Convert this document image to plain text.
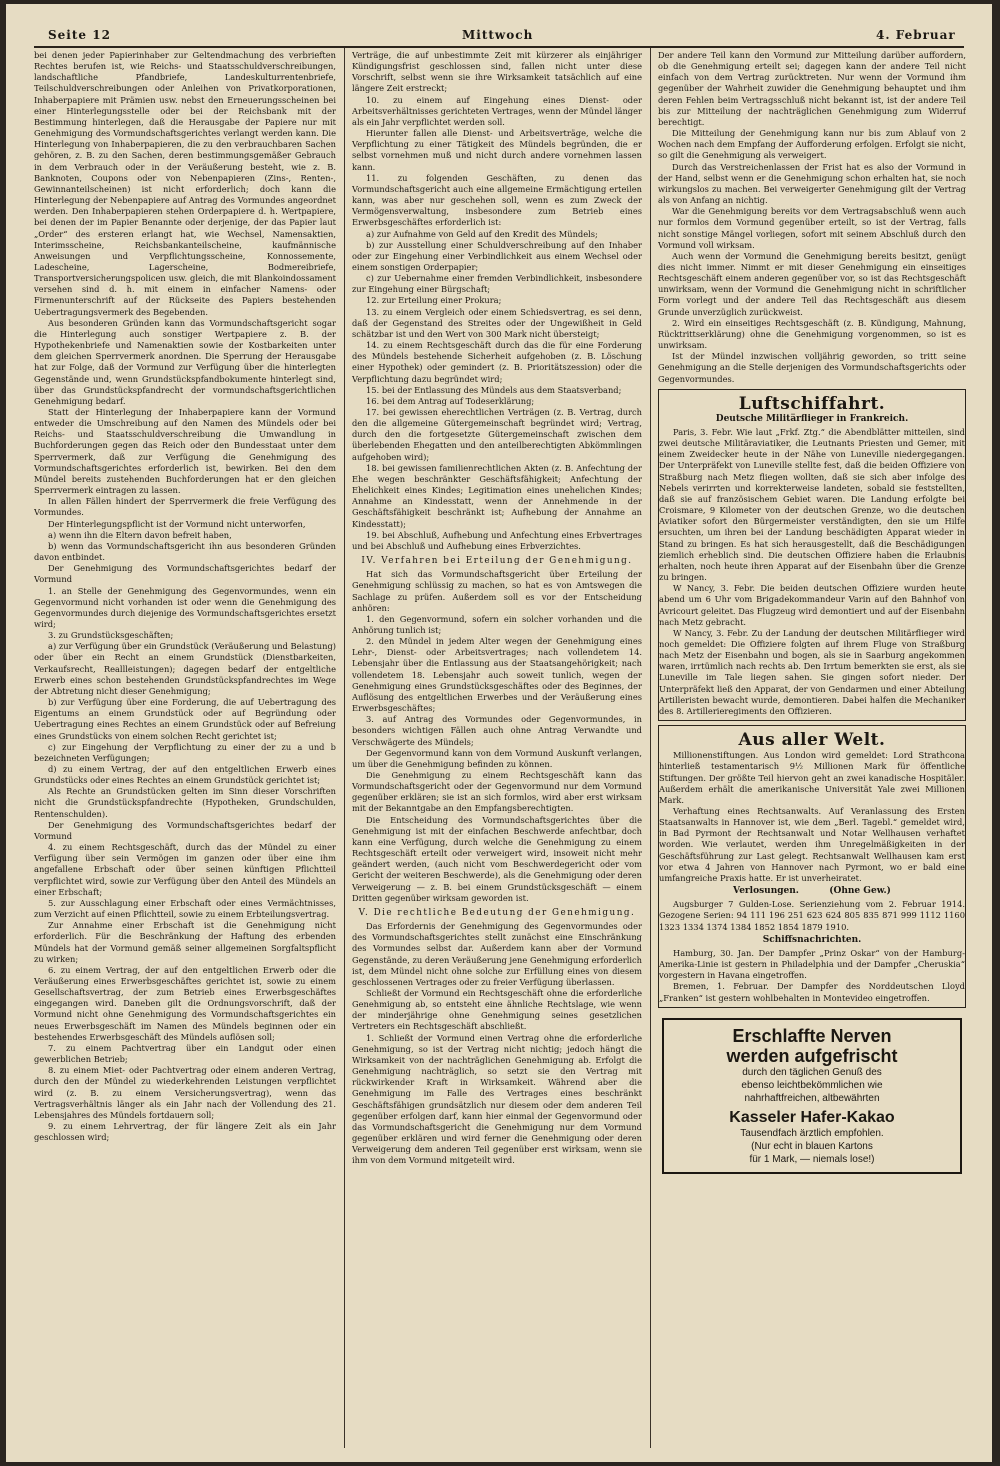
Seite 12	Mittwoch	4. Februar

bei denen jeder Papierinhaber zur Geltendmachung des verbrieften Rechtes berufen ist, wie Reichs- und Staatsschuldverschreibungen, landschaftliche Pfandbriefe, Landeskulturrentenbriefe, Teilschuldverschreibungen oder Anleihen von Privatkorporationen, Inhaberpapiere mit Prämien usw. nebst den Erneuerungsscheinen bei einer Hinterlegungsstelle oder bei der Reichsbank mit der Bestimmung hinterlegen, daß die Herausgabe der Papiere nur mit Genehmigung des Vormundschaftsgerichtes verlangt werden kann. Die Hinterlegung von Inhaberpapieren, die zu den verbrauchbaren Sachen gehören, z. B. zu den Sachen, deren bestimmungsgemäßer Gebrauch in dem Verbrauch oder in der Veräußerung besteht, wie z. B. Banknoten, Coupons oder von Nebenpapieren (Zins-, Renten-, Gewinnanteilscheinen) ist nicht erforderlich; doch kann die Hinterlegung der Nebenpapiere auf Antrag des Vormundes angeordnet werden. Den Inhaberpapieren stehen Orderpapiere d. h. Wertpapiere, bei denen der im Papier Benannte oder derjenige, der das Papier laut „Order“ des ersteren erlangt hat, wie Wechsel, Namensaktien, Interimsscheine, Reichsbankanteilscheine, kaufmännische Anweisungen und Verpflichtungsscheine, Konnossemente, Ladescheine, Lagerscheine, Bodmereibriefe, Transportversicherungspolicen usw. gleich, die mit Blankoindossament versehen sind d. h. mit einem in einfacher Namens- oder Firmenunterschrift auf der Rückseite des Papiers bestehenden Uebertragungsvermerk des Begebenden.

Aus besonderen Gründen kann das Vormundschaftsgericht sogar die Hinterlegung auch sonstiger Wertpapiere z. B. der Hypothekenbriefe und Namenaktien sowie der Kostbarkeiten unter dem gleichen Sperrvermerk anordnen. Die Sperrung der Herausgabe hat zur Folge, daß der Vormund zur Verfügung über die hinterlegten Gegenstände und, wenn Grundstückspfandbokumente hinterlegt sind, über das Grundstückspfandrecht der vormundschaftsgerichtlichen Genehmigung bedarf.

Statt der Hinterlegung der Inhaberpapiere kann der Vormund entweder die Umschreibung auf den Namen des Mündels oder bei Reichs- und Staatsschuldverschreibung die Umwandlung in Buchforderungen gegen das Reich oder den Bundesstaat unter dem Sperrvermerk, daß zur Verfügung die Genehmigung des Vormundschaftsgerichtes erforderlich ist, bewirken. Bei den dem Mündel bereits zustehenden Buchforderungen hat er den gleichen Sperrvermerk eintragen zu lassen.

In allen Fällen hindert der Sperrvermerk die freie Verfügung des Vormundes.

Der Hinterlegungspflicht ist der Vormund nicht unterworfen,

a) wenn ihn die Eltern davon befreit haben,

b) wenn das Vormundschaftsgericht ihn aus besonderen Gründen davon entbindet.

Der Genehmigung des Vormundschaftsgerichtes bedarf der Vormund

1. an Stelle der Genehmigung des Gegenvormundes, wenn ein Gegenvormund nicht vorhanden ist oder wenn die Genehmigung des Gegenvormundes durch diejenige des Vormundschaftsgerichtes ersetzt wird;

3. zu Grundstücksgeschäften;

a) zur Verfügung über ein Grundstück (Veräußerung und Belastung) oder über ein Recht an einem Grundstück (Dienstbarkeiten, Verkaufsrecht, Reallleistungen); dagegen bedarf der entgeltliche Erwerb eines schon bestehenden Grundstückspfandrechtes im Wege der Abtretung nicht dieser Genehmigung;

b) zur Verfügung über eine Forderung, die auf Uebertragung des Eigentums an einem Grundstück oder auf Begründung oder Uebertragung eines Rechtes an einem Grundstück oder auf Befreiung eines Grundstücks von einem solchen Recht gerichtet ist;

c) zur Eingehung der Verpflichtung zu einer der zu a und b bezeichneten Verfügungen;

d) zu einem Vertrag, der auf den entgeltlichen Erwerb eines Grundstücks oder eines Rechtes an einem Grundstück gerichtet ist;

Als Rechte an Grundstücken gelten im Sinn dieser Vorschriften nicht die Grundstückspfandrechte (Hypotheken, Grundschulden, Rentenschulden).

Der Genehmigung des Vormundschaftsgerichtes bedarf der Vormund

4. zu einem Rechtsgeschäft, durch das der Mündel zu einer Verfügung über sein Vermögen im ganzen oder über eine ihm angefallene Erbschaft oder über seinen künftigen Pflichtteil verpflichtet wird, sowie zur Verfügung über den Anteil des Mündels an einer Erbschaft;

5. zur Ausschlagung einer Erbschaft oder eines Vermächtnisses, zum Verzicht auf einen Pflichtteil, sowie zu einem Erbteilungsvertrag.

Zur Annahme einer Erbschaft ist die Genehmigung nicht erforderlich. Für die Beschränkung der Haftung des erbenden Mündels hat der Vormund gemäß seiner allgemeinen Sorgfaltspflicht zu wirken;

6. zu einem Vertrag, der auf den entgeltlichen Erwerb oder die Veräußerung eines Erwerbsgeschäftes gerichtet ist, sowie zu einem Gesellschaftsvertrag, der zum Betrieb eines Erwerbsgeschäftes eingegangen wird. Daneben gilt die Ordnungsvorschrift, daß der Vormund nicht ohne Genehmigung des Vormundschaftsgerichtes ein neues Erwerbsgeschäft im Namen des Mündels beginnen oder ein bestehendes Erwerbsgeschäft des Mündels auflösen soll;

7. zu einem Pachtvertrag über ein Landgut oder einen gewerblichen Betrieb;

8. zu einem Miet- oder Pachtvertrag oder einem anderen Vertrag, durch den der Mündel zu wiederkehrenden Leistungen verpflichtet wird (z. B. zu einem Versicherungsvertrag), wenn das Vertragsverhältnis länger als ein Jahr nach der Vollendung des 21. Lebensjahres des Mündels fortdauern soll;

9. zu einem Lehrvertrag, der für längere Zeit als ein Jahr geschlossen wird;

Verträge, die auf unbestimmte Zeit mit kürzerer als einjähriger Kündigungsfrist geschlossen sind, fallen nicht unter diese Vorschrift, selbst wenn sie ihre Wirksamkeit tatsächlich auf eine längere Zeit erstreckt;

10. zu einem auf Eingehung eines Dienst- oder Arbeitsverhältnisses gerichteten Vertrages, wenn der Mündel länger als ein Jahr verpflichtet werden soll.

Hierunter fallen alle Dienst- und Arbeitsverträge, welche die Verpflichtung zu einer Tätigkeit des Mündels begründen, die er selbst vornehmen muß und nicht durch andere vornehmen lassen kann.

11. zu folgenden Geschäften, zu denen das Vormundschaftsgericht auch eine allgemeine Ermächtigung erteilen kann, was aber nur geschehen soll, wenn es zum Zweck der Vermögensverwaltung, insbesondere zum Betrieb eines Erwerbsgeschäftes erforderlich ist:

a) zur Aufnahme von Geld auf den Kredit des Mündels;

b) zur Ausstellung einer Schuldverschreibung auf den Inhaber oder zur Eingehung einer Verbindlichkeit aus einem Wechsel oder einem sonstigen Orderpapier;

c) zur Uebernahme einer fremden Verbindlichkeit, insbesondere zur Eingehung einer Bürgschaft;

12. zur Erteilung einer Prokura;

13. zu einem Vergleich oder einem Schiedsvertrag, es sei denn, daß der Gegenstand des Streites oder der Ungewißheit in Geld schätzbar ist und den Wert von 300 Mark nicht übersteigt;

14. zu einem Rechtsgeschäft durch das die für eine Forderung des Mündels bestehende Sicherheit aufgehoben (z. B. Löschung einer Hypothek) oder gemindert (z. B. Prioritätszession) oder die Verpflichtung dazu begründet wird;

15. bei der Entlassung des Mündels aus dem Staatsverband;

16. bei dem Antrag auf Todeserklärung;

17. bei gewissen eherechtlichen Verträgen (z. B. Vertrag, durch den die allgemeine Gütergemeinschaft begründet wird; Vertrag, durch den die fortgesetzte Gütergemeinschaft zwischen dem überlebenden Ehegatten und den anteilberechtigten Abkömmlingen aufgehoben wird);

18. bei gewissen familienrechtlichen Akten (z. B. Anfechtung der Ehe wegen beschränkter Geschäftsfähigkeit; Anfechtung der Ehelichkeit eines Kindes; Legitimation eines unehelichen Kindes; Annahme an Kindesstatt, wenn der Annehmende in der Geschäftsfähigkeit beschränkt ist; Aufhebung der Annahme an Kindesstatt);

19. bei Abschluß, Aufhebung und Anfechtung eines Erbvertrages und bei Abschluß und Aufhebung eines Erbverzichtes.

IV. Verfahren bei Erteilung der Genehmigung.

Hat sich das Vormundschaftsgericht über Erteilung der Genehmigung schlüssig zu machen, so hat es von Amtswegen die Sachlage zu prüfen. Außerdem soll es vor der Entscheidung anhören:

1. den Gegenvormund, sofern ein solcher vorhanden und die Anhörung tunlich ist;

2. den Mündel in jedem Alter wegen der Genehmigung eines Lehr-, Dienst- oder Arbeitsvertrages; nach vollendetem 14. Lebensjahr über die Entlassung aus der Staatsangehörigkeit; nach vollendetem 18. Lebensjahr auch soweit tunlich, wegen der Genehmigung eines Grundstücksgeschäftes oder des Beginnes, der Auflösung des entgeltlichen Erwerbes und der Veräußerung eines Erwerbsgeschäftes;

3. auf Antrag des Vormundes oder Gegenvormundes, in besonders wichtigen Fällen auch ohne Antrag Verwandte und Verschwägerte des Mündels;

Der Gegenvormund kann von dem Vormund Auskunft verlangen, um über die Genehmigung befinden zu können.

Die Genehmigung zu einem Rechtsgeschäft kann das Vormundschaftsgericht oder der Gegenvormund nur dem Vormund gegenüber erklären; sie ist an sich formlos, wird aber erst wirksam mit der Bekanntgabe an den Empfangsberechtigten.

Die Entscheidung des Vormundschaftsgerichtes über die Genehmigung ist mit der einfachen Beschwerde anfechtbar, doch kann eine Verfügung, durch welche die Genehmigung zu einem Rechtsgeschäft erteilt oder verweigert wird, insoweit nicht mehr geändert werden, (auch nicht vom Beschwerdegericht oder vom Gericht der weiteren Beschwerde), als die Genehmigung oder deren Verweigerung — z. B. bei einem Grundstücksgeschäft — einem Dritten gegenüber wirksam geworden ist.

V. Die rechtliche Bedeutung der Genehmigung.

Das Erfordernis der Genehmigung des Gegenvormundes oder des Vormundschaftsgerichtes stellt zunächst eine Einschränkung des Vormundes selbst dar. Außerdem kann aber der Vormund Gegenstände, zu deren Veräußerung jene Genehmigung erforderlich ist, dem Mündel nicht ohne solche zur Erfüllung eines von diesem geschlossenen Vertrages oder zu freier Verfügung überlassen.

Schließt der Vormund ein Rechtsgeschäft ohne die erforderliche Genehmigung ab, so entsteht eine ähnliche Rechtslage, wie wenn der minderjährige ohne Genehmigung seines gesetzlichen Vertreters ein Rechtsgeschäft abschließt.

1. Schließt der Vormund einen Vertrag ohne die erforderliche Genehmigung, so ist der Vertrag nicht nichtig; jedoch hängt die Wirksamkeit von der nachträglichen Genehmigung ab. Erfolgt die Genehmigung nachträglich, so setzt sie den Vertrag mit rückwirkender Kraft in Wirksamkeit. Während aber die Genehmigung im Falle des Vertrages eines beschränkt Geschäftsfähigen grundsätzlich nur diesem oder dem anderen Teil gegenüber erfolgen darf, kann hier einmal der Gegenvormund oder das Vormundschaftsgericht die Genehmigung nur dem Vormund gegenüber erklären und wird ferner die Genehmigung oder deren Verweigerung dem anderen Teil gegenüber erst wirksam, wenn sie ihm von dem Vormund mitgeteilt wird.

Der andere Teil kann den Vormund zur Mitteilung darüber auffordern, ob die Genehmigung erteilt sei; dagegen kann der andere Teil nicht einfach von dem Vertrag zurücktreten. Nur wenn der Vormund ihm gegenüber der Wahrheit zuwider die Genehmigung behauptet und ihm deren Fehlen beim Vertragsschluß nicht bekannt ist, ist der andere Teil bis zur Mitteilung der nachträglichen Genehmigung zum Widerruf berechtigt.

Die Mitteilung der Genehmigung kann nur bis zum Ablauf von 2 Wochen nach dem Empfang der Aufforderung erfolgen. Erfolgt sie nicht, so gilt die Genehmigung als verweigert.

Durch das Verstreichenlassen der Frist hat es also der Vormund in der Hand, selbst wenn er die Genehmigung schon erhalten hat, sie noch wirkungslos zu machen. Bei verweigerter Genehmigung gilt der Vertrag als von Anfang an nichtig.

War die Genehmigung bereits vor dem Vertragsabschluß wenn auch nur formlos dem Vormund gegenüber erteilt, so ist der Vertrag, falls nicht sonstige Mängel vorliegen, sofort mit seinem Abschluß durch den Vormund voll wirksam.

Auch wenn der Vormund die Genehmigung bereits besitzt, genügt dies nicht immer. Nimmt er mit dieser Genehmigung ein einseitiges Rechtsgeschäft einem anderen gegenüber vor, so ist das Rechtsgeschäft unwirksam, wenn der Vormund die Genehmigung nicht in schriftlicher Form vorlegt und der andere Teil das Rechtsgeschäft aus diesem Grunde unverzüglich zurückweist.

2. Wird ein einseitiges Rechtsgeschäft (z. B. Kündigung, Mahnung, Rücktrittserklärung) ohne die Genehmigung vorgenommen, so ist es unwirksam.

Ist der Mündel inzwischen volljährig geworden, so tritt seine Genehmigung an die Stelle derjenigen des Vormundschaftsgerichts oder Gegenvormundes.

Luftschiffahrt.
Deutsche Militärflieger in Frankreich.

Paris, 3. Febr. Wie laut „Frkf. Ztg.“ die Abendblätter mitteilen, sind zwei deutsche Militäraviatiker, die Leutnants Priesten und Gemer, mit einem Zweidecker heute in der Nähe von Luneville niedergegangen. Der Unterpräfekt von Luneville stellte fest, daß die beiden Offiziere von Straßburg nach Metz fliegen wollten, daß sie sich aber infolge des Nebels verirrten und korrekterweise landeten, sobald sie feststellten, daß sie auf französischem Gebiet waren. Die Landung erfolgte bei Croismare, 9 Kilometer von der deutschen Grenze, wo die deutschen Aviatiker sofort den Bürgermeister verständigten, den sie um Hilfe ersuchten, um ihren bei der Landung beschädigten Apparat wieder in Stand zu bringen. Es hat sich herausgestellt, daß die Beschädigungen ziemlich erheblich sind. Die deutschen Offiziere haben die Erlaubnis erhalten, noch heute ihren Apparat auf der Eisenbahn über die Grenze zu bringen.

W Nancy, 3. Febr. Die beiden deutschen Offiziere wurden heute abend um 6 Uhr vom Brigadekommandeur Varin auf den Bahnhof von Avricourt geleitet. Das Flugzeug wird demontiert und auf der Eisenbahn nach Metz gebracht.

W Nancy, 3. Febr. Zu der Landung der deutschen Militärflieger wird noch gemeldet: Die Offiziere folgten auf ihrem Fluge von Straßburg nach Metz der Eisenbahn und bogen, als sie in Saarburg angekommen waren, irrtümlich nach rechts ab. Den Irrtum bemerkten sie erst, als sie Luneville im Tale liegen sahen. Sie gingen sofort nieder. Der Unterpräfekt ließ den Apparat, der von Gendarmen und einer Abteilung Artilleristen bewacht wurde, demontieren. Dabei halfen die Mechaniker des 8. Artillerieregiments den Offizieren.

Aus aller Welt.

Millionenstiftungen. Aus London wird gemeldet: Lord Strathcona hinterließ testamentarisch 9½ Millionen Mark für öffentliche Stiftungen. Der größte Teil hiervon geht an zwei kanadische Hospitäler. Außerdem erhält die amerikanische Universität Yale zwei Millionen Mark.

Verhaftung eines Rechtsanwalts. Auf Veranlassung des Ersten Staatsanwalts in Hannover ist, wie dem „Berl. Tagebl.“ gemeldet wird, in Bad Pyrmont der Rechtsanwalt und Notar Wellhausen verhaftet worden. Wie verlautet, werden ihm Unregelmäßigkeiten in der Geschäftsführung zur Last gelegt. Rechtsanwalt Wellhausen kam erst vor etwa 4 Jahren von Hannover nach Pyrmont, wo er bald eine umfangreiche Praxis hatte. Er ist unverheiratet.

Verlosungen.	(Ohne Gew.)

Augsburger 7 Gulden-Lose. Serienziehung vom 2. Februar 1914. Gezogene Serien: 94 111 196 251 623 624 805 835 871 999 1112 1160 1323 1334 1374 1384 1852 1854 1879 1910.

Schiffsnachrichten.

Hamburg, 30. Jan. Der Dampfer „Prinz Oskar“ von der Hamburg-Amerika-Linie ist gestern in Philadelphia und der Dampfer „Cheruskia“ vorgestern in Havana eingetroffen.

Bremen, 1. Februar. Der Dampfer des Norddeutschen Lloyd „Franken“ ist gestern wohlbehalten in Montevideo eingetroffen.

Erschlaffte Nerven
werden aufgefrischt
durch den täglichen Genuß des
ebenso leichtbekömmlichen wie
nahrhaftfreichen, altbewährten
Kasseler Hafer-Kakao
Tausendfach ärztlich empfohlen.
(Nur echt in blauen Kartons
für 1 Mark, — niemals lose!)
